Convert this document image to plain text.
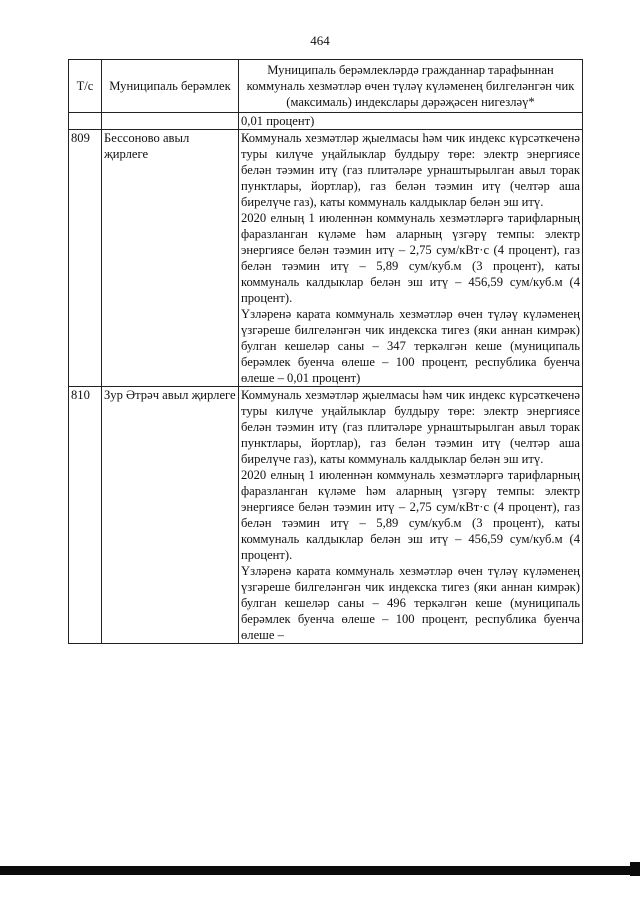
464
Т/с	Муниципаль берәмлек	Муниципаль берәмлекләрдә гражданнар тарафыннан коммуналь хезмәтләр өчен түләү күләменең билгеләнгән чик (максималь) индекслары дәрәҗәсен нигезләү*
		0,01 процент)
809	Бессоново авыл җирлеге	Коммуналь хезмәтләр җыелмасы һәм чик индекс күрсәткеченә туры килүче уңайлыклар булдыру төре: электр энергиясе белән тәэмин итү (газ плитәләре урнаштырылган авыл торак пунктлары, йортлар), газ белән тәэмин итү (челтәр аша бирелүче газ), каты коммуналь калдыклар белән эш итү.
2020 елның 1 июленнән коммуналь хезмәтләргә тарифларның фаразланган күләме һәм аларның үзгәрү темпы: электр энергиясе белән тәэмин итү – 2,75 сум/кВт·с (4 процент), газ белән тәэмин итү – 5,89 сум/куб.м (3 процент), каты коммуналь калдыклар белән эш итү – 456,59 сум/куб.м (4 процент).
Үзләренә карата коммуналь хезмәтләр өчен түләү күләменең үзгәреше билгеләнгән чик индекска тигез (яки аннан кимрәк) булган кешеләр саны – 347 теркәлгән кеше (муниципаль берәмлек буенча өлеше – 100 процент, республика буенча өлеше – 0,01 процент)

810	Зур Әтрәч авыл җирлеге	Коммуналь хезмәтләр җыелмасы һәм чик индекс күрсәткеченә туры килүче уңайлыклар булдыру төре: электр энергиясе белән тәэмин итү (газ плитәләре урнаштырылган авыл торак пунктлары, йортлар), газ белән тәэмин итү (челтәр аша бирелүче газ), каты коммуналь калдыклар белән эш итү.
2020 елның 1 июленнән коммуналь хезмәтләргә тарифларның фаразланган күләме һәм аларның үзгәрү темпы: электр энергиясе белән тәэмин итү – 2,75 сум/кВт·с (4 процент), газ белән тәэмин итү – 5,89 сум/куб.м (3 процент), каты коммуналь калдыклар белән эш итү – 456,59 сум/куб.м (4 процент).
Үзләренә карата коммуналь хезмәтләр өчен түләү күләменең үзгәреше билгеләнгән чик индекска тигез (яки аннан кимрәк) булган кешеләр саны – 496 теркәлгән кеше (муниципаль берәмлек буенча өлеше – 100 процент, республика буенча өлеше –
